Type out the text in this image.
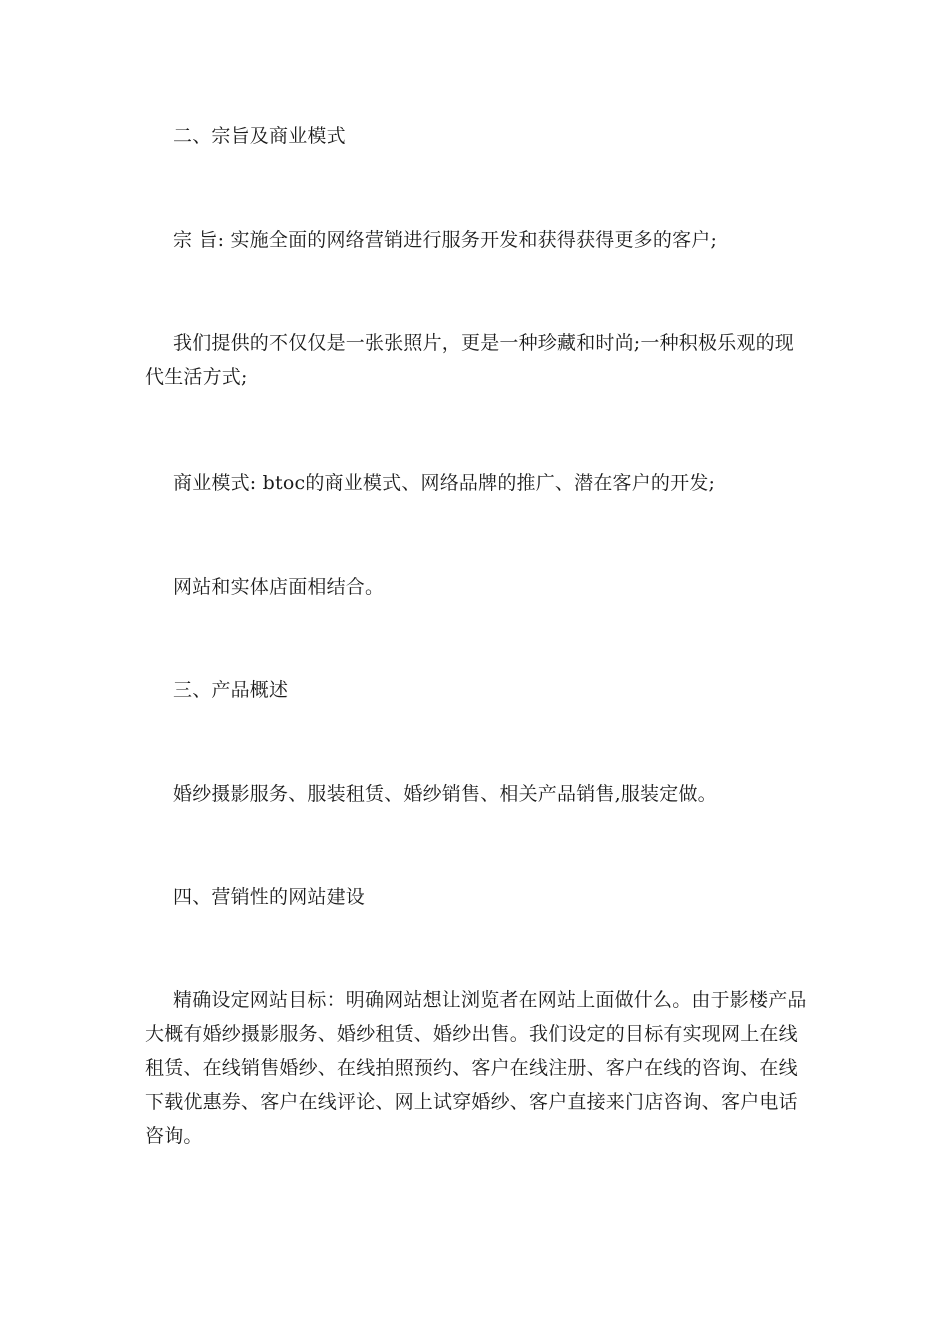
二、宗旨及商业模式

宗 旨: 实施全面的网络营销进行服务开发和获得获得更多的客户;

我们提供的不仅仅是一张张照片，更是一种珍藏和时尚;一种积极乐观的现代生活方式;

商业模式: btoc的商业模式、网络品牌的推广、潜在客户的开发;

网站和实体店面相结合。

三、产品概述

婚纱摄影服务、服装租赁、婚纱销售、相关产品销售,服装定做。

四、营销性的网站建设

精确设定网站目标：明确网站想让浏览者在网站上面做什么。由于影楼产品大概有婚纱摄影服务、婚纱租赁、婚纱出售。我们设定的目标有实现网上在线租赁、在线销售婚纱、在线拍照预约、客户在线注册、客户在线的咨询、在线下载优惠券、客户在线评论、网上试穿婚纱、客户直接来门店咨询、客户电话咨询。
